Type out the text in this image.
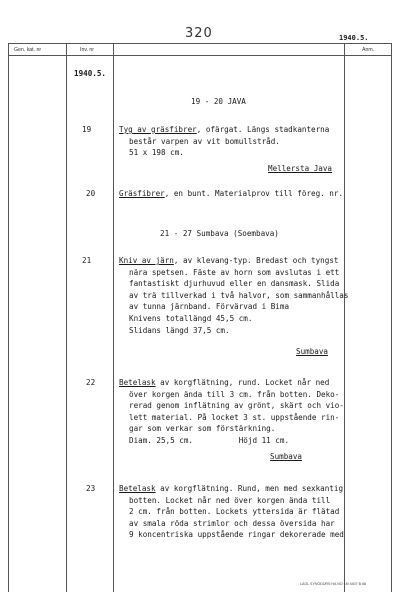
320	1940.5.
Gen. kat. nr	Inv. nr	Anm.
1940.5.
19 - 20 JAVA
19	Tyg av gräsfibrer, ofärgat. Längs stadkanterna
består varpen av vit bomullstråd.
51 x 198 cm.
Mellersta Java
20	Gräsfibrer, en bunt. Materialprov till föreg. nr.
21 - 27 Sumbava (Soembava)
21	Kniv av järn, av klevang-typ. Bredast och tyngst
nära spetsen. Fäste av horn som avslutas i ett
fantastiskt djurhuvud eller en dansmask. Slida
av trä tillverkad i två halvor, som sammanhållas
av tunna järnband. Förvärvad i Bima
Knivens totallängd 45,5 cm.
Slidans längd 37,5 cm.
Sumbava
22	Betelask av korgflätning, rund. Locket når ned
över korgen ända till 3 cm. från botten. Deko-
rerad genom inflätning av grönt, skärt och vio-
lett material. På locket 3 st. uppstående rin-
gar som verkar som förstärkning.
Diam. 25,5 cm.          Höjd 11 cm.
Sumbava
23	Betelask av korgflätning. Rund, men med sexkantig
botten. Locket når ned över korgen ända till
2 cm. från botten. Lockets yttersida är flätad
av smala röda strimlor och dessa översida har
9 koncentriska uppstående ringar dekorerade med
LAGL SYNODURS HA NO LM 4407 B 68
